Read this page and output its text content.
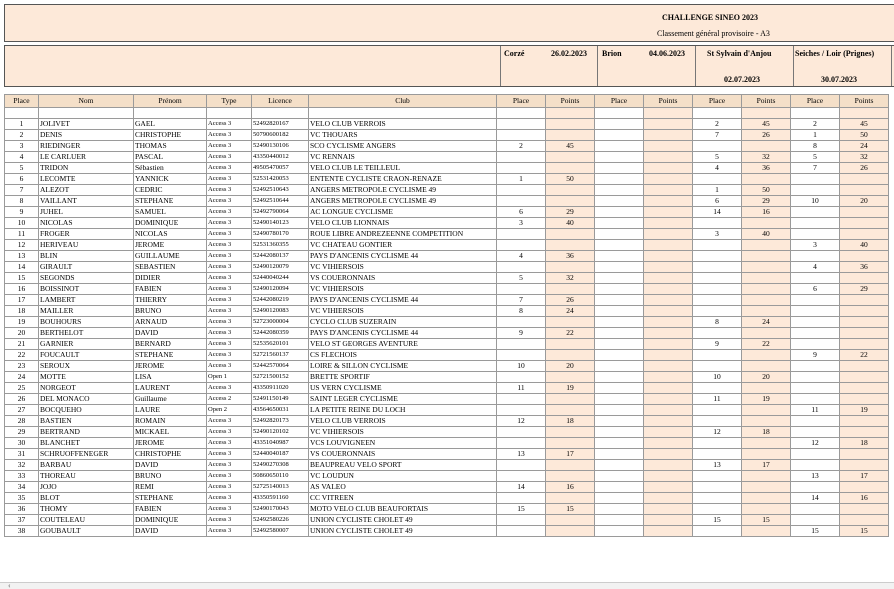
CHALLENGE SINEO 2023
Classement général provisoire - A3
Corzé	26.02.2023 Brion	04.06.2023	St Sylvain d'Anjou
02.07.2023
Seiches / Loir (Prignes)
30.07.2023
Place	Nom	Prénom	Type	Licence	Club	Place	Points	Place	Points	Place	Points	Place	Points

1	JOLIVET	GAEL	Access 3	52492820167	VELO CLUB VERROIS					2	45	2	45
2	DENIS	CHRISTOPHE	Access 3	50790600182	VC THOUARS					7	26	1	50
3	RIEDINGER	THOMAS	Access 3	52490130106	SCO CYCLISME ANGERS	2	45					8	24
4	LE CARLUER	PASCAL	Access 3	43350440012	VC RENNAIS					5	32	5	32
5	TRIDON	Sébastien	Access 3	49505470057	VELO CLUB LE TEILLEUL					4	36	7	26
6	LECOMTE	YANNICK	Access 3	52531420053	ENTENTE CYCLISTE CRAON-RENAZE	1	50						
7	ALEZOT	CEDRIC	Access 3	52492510643	ANGERS METROPOLE CYCLISME 49					1	50		
8	VAILLANT	STEPHANE	Access 3	52492510644	ANGERS METROPOLE CYCLISME 49					6	29	10	20
9	JUHEL	SAMUEL	Access 3	52492790064	AC LONGUE CYCLISME	6	29			14	16		
10	NICOLAS	DOMINIQUE	Access 3	52490140123	VELO CLUB LIONNAIS	3	40						
11	FROGER	NICOLAS	Access 3	52490780170	ROUE LIBRE ANDREZEENNE COMPETITION					3	40		
12	HERIVEAU	JEROME	Access 3	52531360355	VC CHATEAU GONTIER							3	40
13	BLIN	GUILLAUME	Access 3	52442080137	PAYS D'ANCENIS CYCLISME 44	4	36						
14	GIRAULT	SEBASTIEN	Access 3	52490120079	VC VIHIERSOIS							4	36
15	SEGONDS	DIDIER	Access 3	52440040244	VS COUERONNAIS	5	32						
16	BOISSINOT	FABIEN	Access 3	52490120094	VC VIHIERSOIS							6	29
17	LAMBERT	THIERRY	Access 3	52442080219	PAYS D'ANCENIS CYCLISME 44	7	26						
18	MAILLER	BRUNO	Access 3	52490120083	VC VIHIERSOIS	8	24						
19	BOUHOURS	ARNAUD	Access 3	52723000004	CYCLO CLUB SUZERAIN					8	24		
20	BERTHELOT	DAVID	Access 3	52442080359	PAYS D'ANCENIS CYCLISME 44	9	22						
21	GARNIER	BERNARD	Access 3	52535620101	VELO ST GEORGES AVENTURE					9	22		
22	FOUCAULT	STEPHANE	Access 3	52721560137	CS FLECHOIS							9	22
23	SEROUX	JEROME	Access 3	52442570064	LOIRE & SILLON CYCLISME	10	20						
24	MOTTE	LISA	Open 1	52721500152	BRETTE SPORTIF					10	20		
25	NORGEOT	LAURENT	Access 3	43350911020	US VERN CYCLISME	11	19						
26	DEL MONACO	Guillaume	Access 2	52491150149	SAINT LEGER CYCLISME					11	19		
27	BOCQUEHO	LAURE	Open 2	43564650031	LA PETITE REINE DU LOCH							11	19
28	BASTIEN	ROMAIN	Access 3	52492820173	VELO CLUB VERROIS	12	18						
29	BERTRAND	MICKAEL	Access 3	52490120102	VC VIHIERSOIS					12	18		
30	BLANCHET	JEROME	Access 3	43351040987	VCS LOUVIGNEEN							12	18
31	SCHRUOFFENEGER	CHRISTOPHE	Access 3	52440040187	VS COUERONNAIS	13	17						
32	BARBAU	DAVID	Access 3	52490270308	BEAUPREAU VELO SPORT					13	17		
33	THOREAU	BRUNO	Access 3	50860650110	VC LOUDUN							13	17
34	JOJO	REMI	Access 3	52725140013	AS VALEO	14	16						
35	BLOT	STEPHANE	Access 3	43350591160	CC VITREEN							14	16
36	THOMY	FABIEN	Access 3	52490170043	MOTO VELO CLUB BEAUFORTAIS	15	15						
37	COUTELEAU	DOMINIQUE	Access 3	52492580226	UNION CYCLISTE CHOLET 49					15	15		
38	GOUBAULT	DAVID	Access 3	52492580007	UNION CYCLISTE CHOLET 49							15	15
‹
